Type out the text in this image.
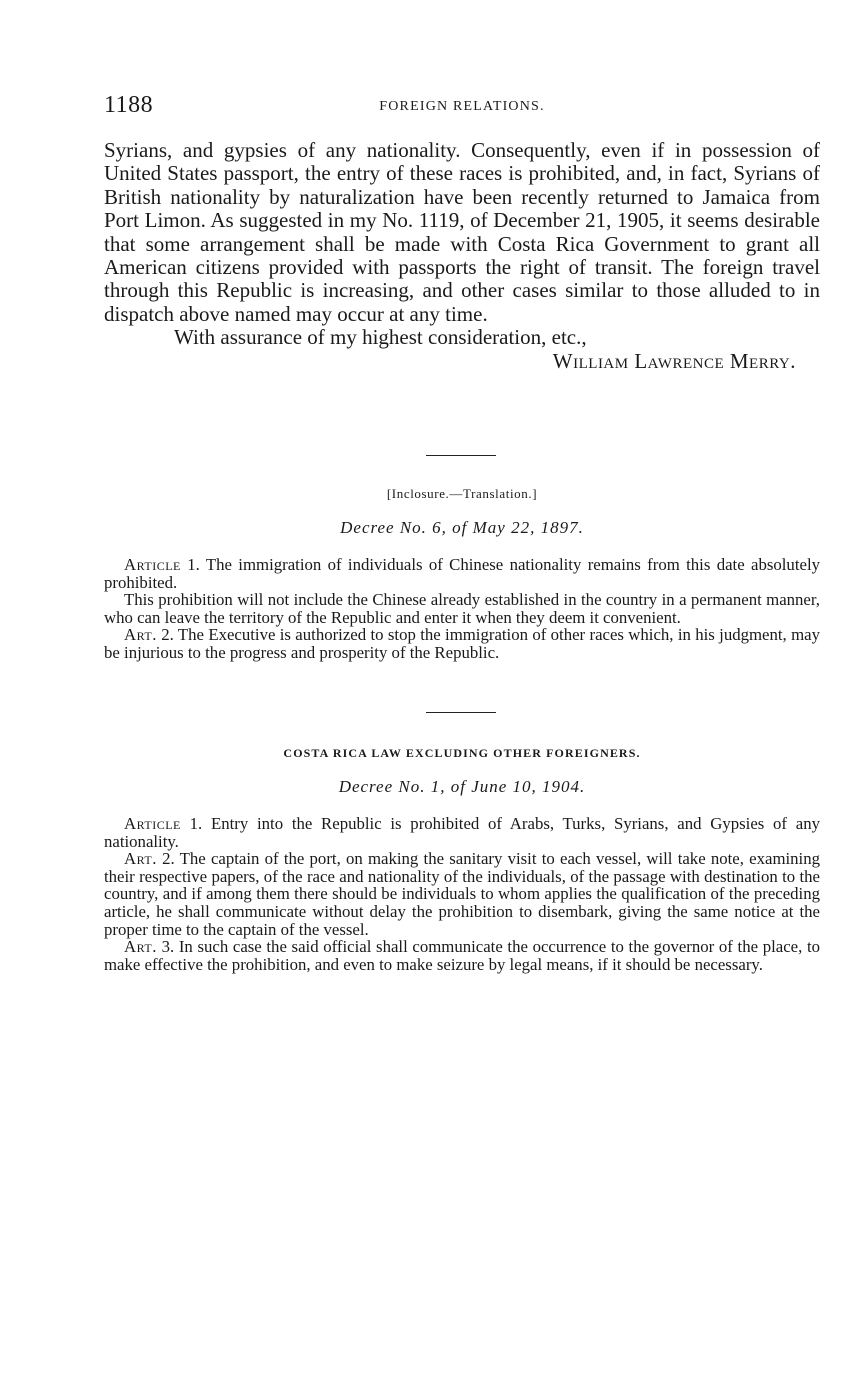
1188	FOREIGN RELATIONS.

Syrians, and gypsies of any nationality. Consequently, even if in possession of United States passport, the entry of these races is prohibited, and, in fact, Syrians of British nationality by naturalization have been recently returned to Jamaica from Port Limon. As suggested in my No. 1119, of December 21, 1905, it seems desirable that some arrangement shall be made with Costa Rica Government to grant all American citizens provided with passports the right of transit. The foreign travel through this Republic is increasing, and other cases similar to those alluded to in dispatch above named may occur at any time.

With assurance of my highest consideration, etc.,

William Lawrence Merry.

[Inclosure.—Translation.]
Decree No. 6, of May 22, 1897.

Article 1. The immigration of individuals of Chinese nationality remains from this date absolutely prohibited.

This prohibition will not include the Chinese already established in the country in a permanent manner, who can leave the territory of the Republic and enter it when they deem it convenient.

Art. 2. The Executive is authorized to stop the immigration of other races which, in his judgment, may be injurious to the progress and prosperity of the Republic.

COSTA RICA LAW EXCLUDING OTHER FOREIGNERS.
Decree No. 1, of June 10, 1904.

Article 1. Entry into the Republic is prohibited of Arabs, Turks, Syrians, and Gypsies of any nationality.

Art. 2. The captain of the port, on making the sanitary visit to each vessel, will take note, examining their respective papers, of the race and nationality of the individuals, of the passage with destination to the country, and if among them there should be individuals to whom applies the qualification of the preceding article, he shall communicate without delay the prohibition to disembark, giving the same notice at the proper time to the captain of the vessel.

Art. 3. In such case the said official shall communicate the occurrence to the governor of the place, to make effective the prohibition, and even to make seizure by legal means, if it should be necessary.
